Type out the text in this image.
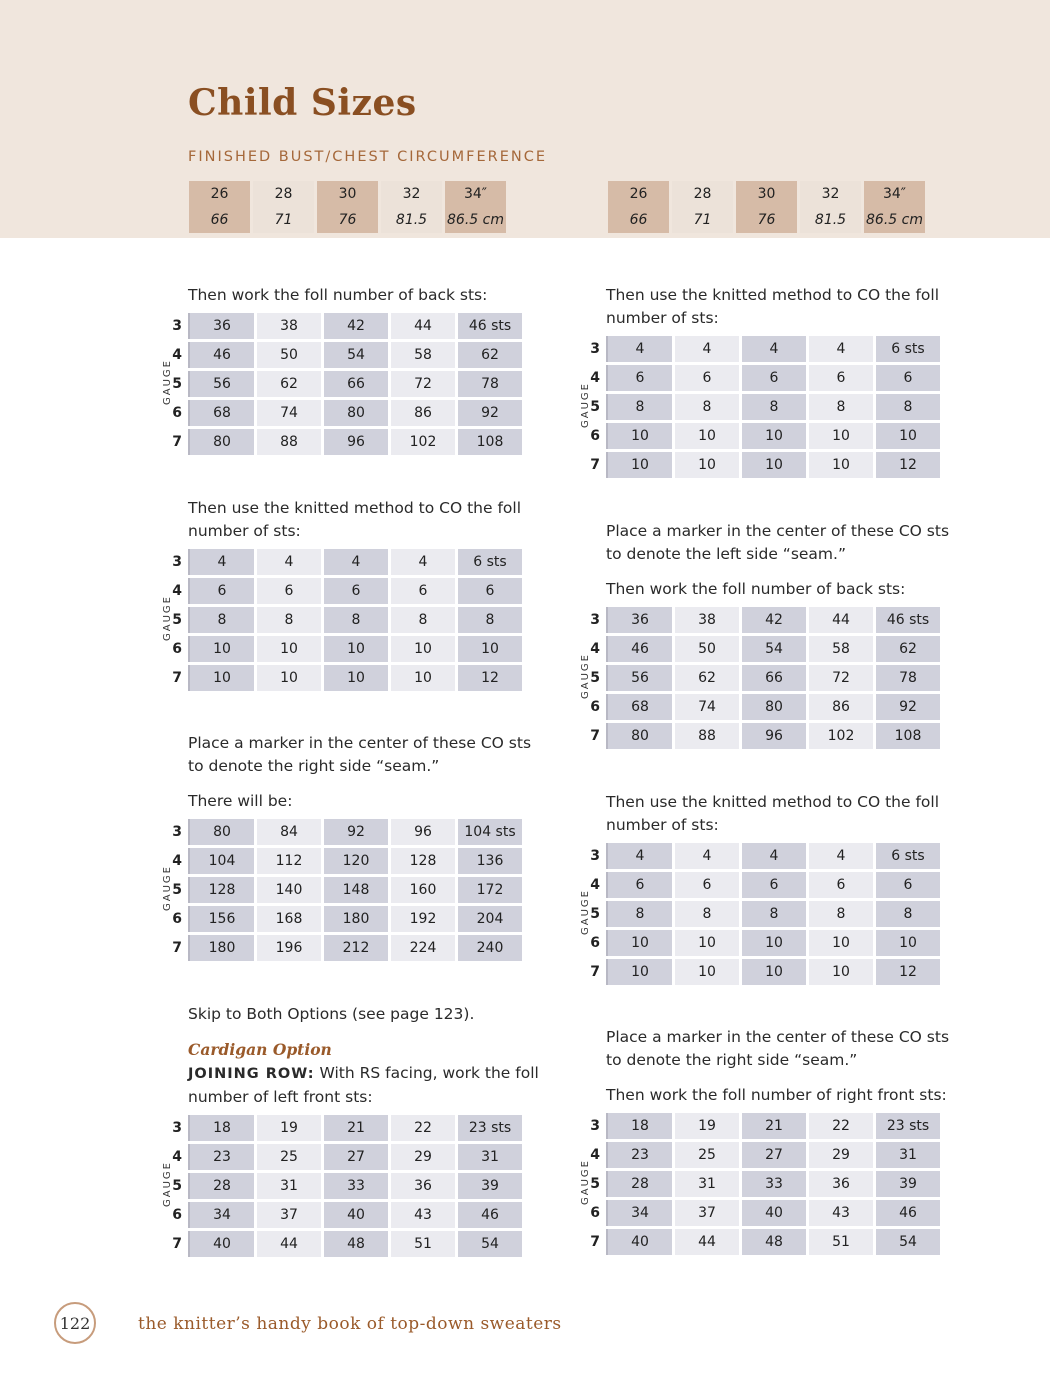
Child Sizes
FINISHED BUST/CHEST CIRCUMFERENCE
26	28	30	32	34″
66	71	76	81.5	86.5 cm
26	28	30	32	34″
66	71	76	81.5	86.5 cm
Then work the foll number of back sts:
GAUGE
3	36	38	42	44	46 sts
4	46	50	54	58	62
5	56	62	66	72	78
6	68	74	80	86	92
7	80	88	96	102	108
Then use the knitted method to CO the foll number of sts:
GAUGE
3	4	4	4	4	6 sts
4	6	6	6	6	6
5	8	8	8	8	8
6	10	10	10	10	10
7	10	10	10	10	12

Place a marker in the center of these CO sts to denote the right side “seam.”

There will be:

GAUGE
3	80	84	92	96	104 sts
4	104	112	120	128	136
5	128	140	148	160	172
6	156	168	180	192	204
7	180	196	212	224	240

Skip to Both Options (see page 123).

Cardigan Option
JOINING ROW: With RS facing, work the foll number of left front sts:

GAUGE
3	18	19	21	22	23 sts
4	23	25	27	29	31
5	28	31	33	36	39
6	34	37	40	43	46
7	40	44	48	51	54
Then use the knitted method to CO the foll number of sts:
GAUGE
3	4	4	4	4	6 sts
4	6	6	6	6	6
5	8	8	8	8	8
6	10	10	10	10	10
7	10	10	10	10	12

Place a marker in the center of these CO sts to denote the left side “seam.”

Then work the foll number of back sts:

GAUGE
3	36	38	42	44	46 sts
4	46	50	54	58	62
5	56	62	66	72	78
6	68	74	80	86	92
7	80	88	96	102	108
Then use the knitted method to CO the foll number of sts:
GAUGE
3	4	4	4	4	6 sts
4	6	6	6	6	6
5	8	8	8	8	8
6	10	10	10	10	10
7	10	10	10	10	12

Place a marker in the center of these CO sts to denote the right side “seam.”

Then work the foll number of right front sts:

GAUGE
3	18	19	21	22	23 sts
4	23	25	27	29	31
5	28	31	33	36	39
6	34	37	40	43	46
7	40	44	48	51	54
122	the knitter’s handy book of top-down sweaters
